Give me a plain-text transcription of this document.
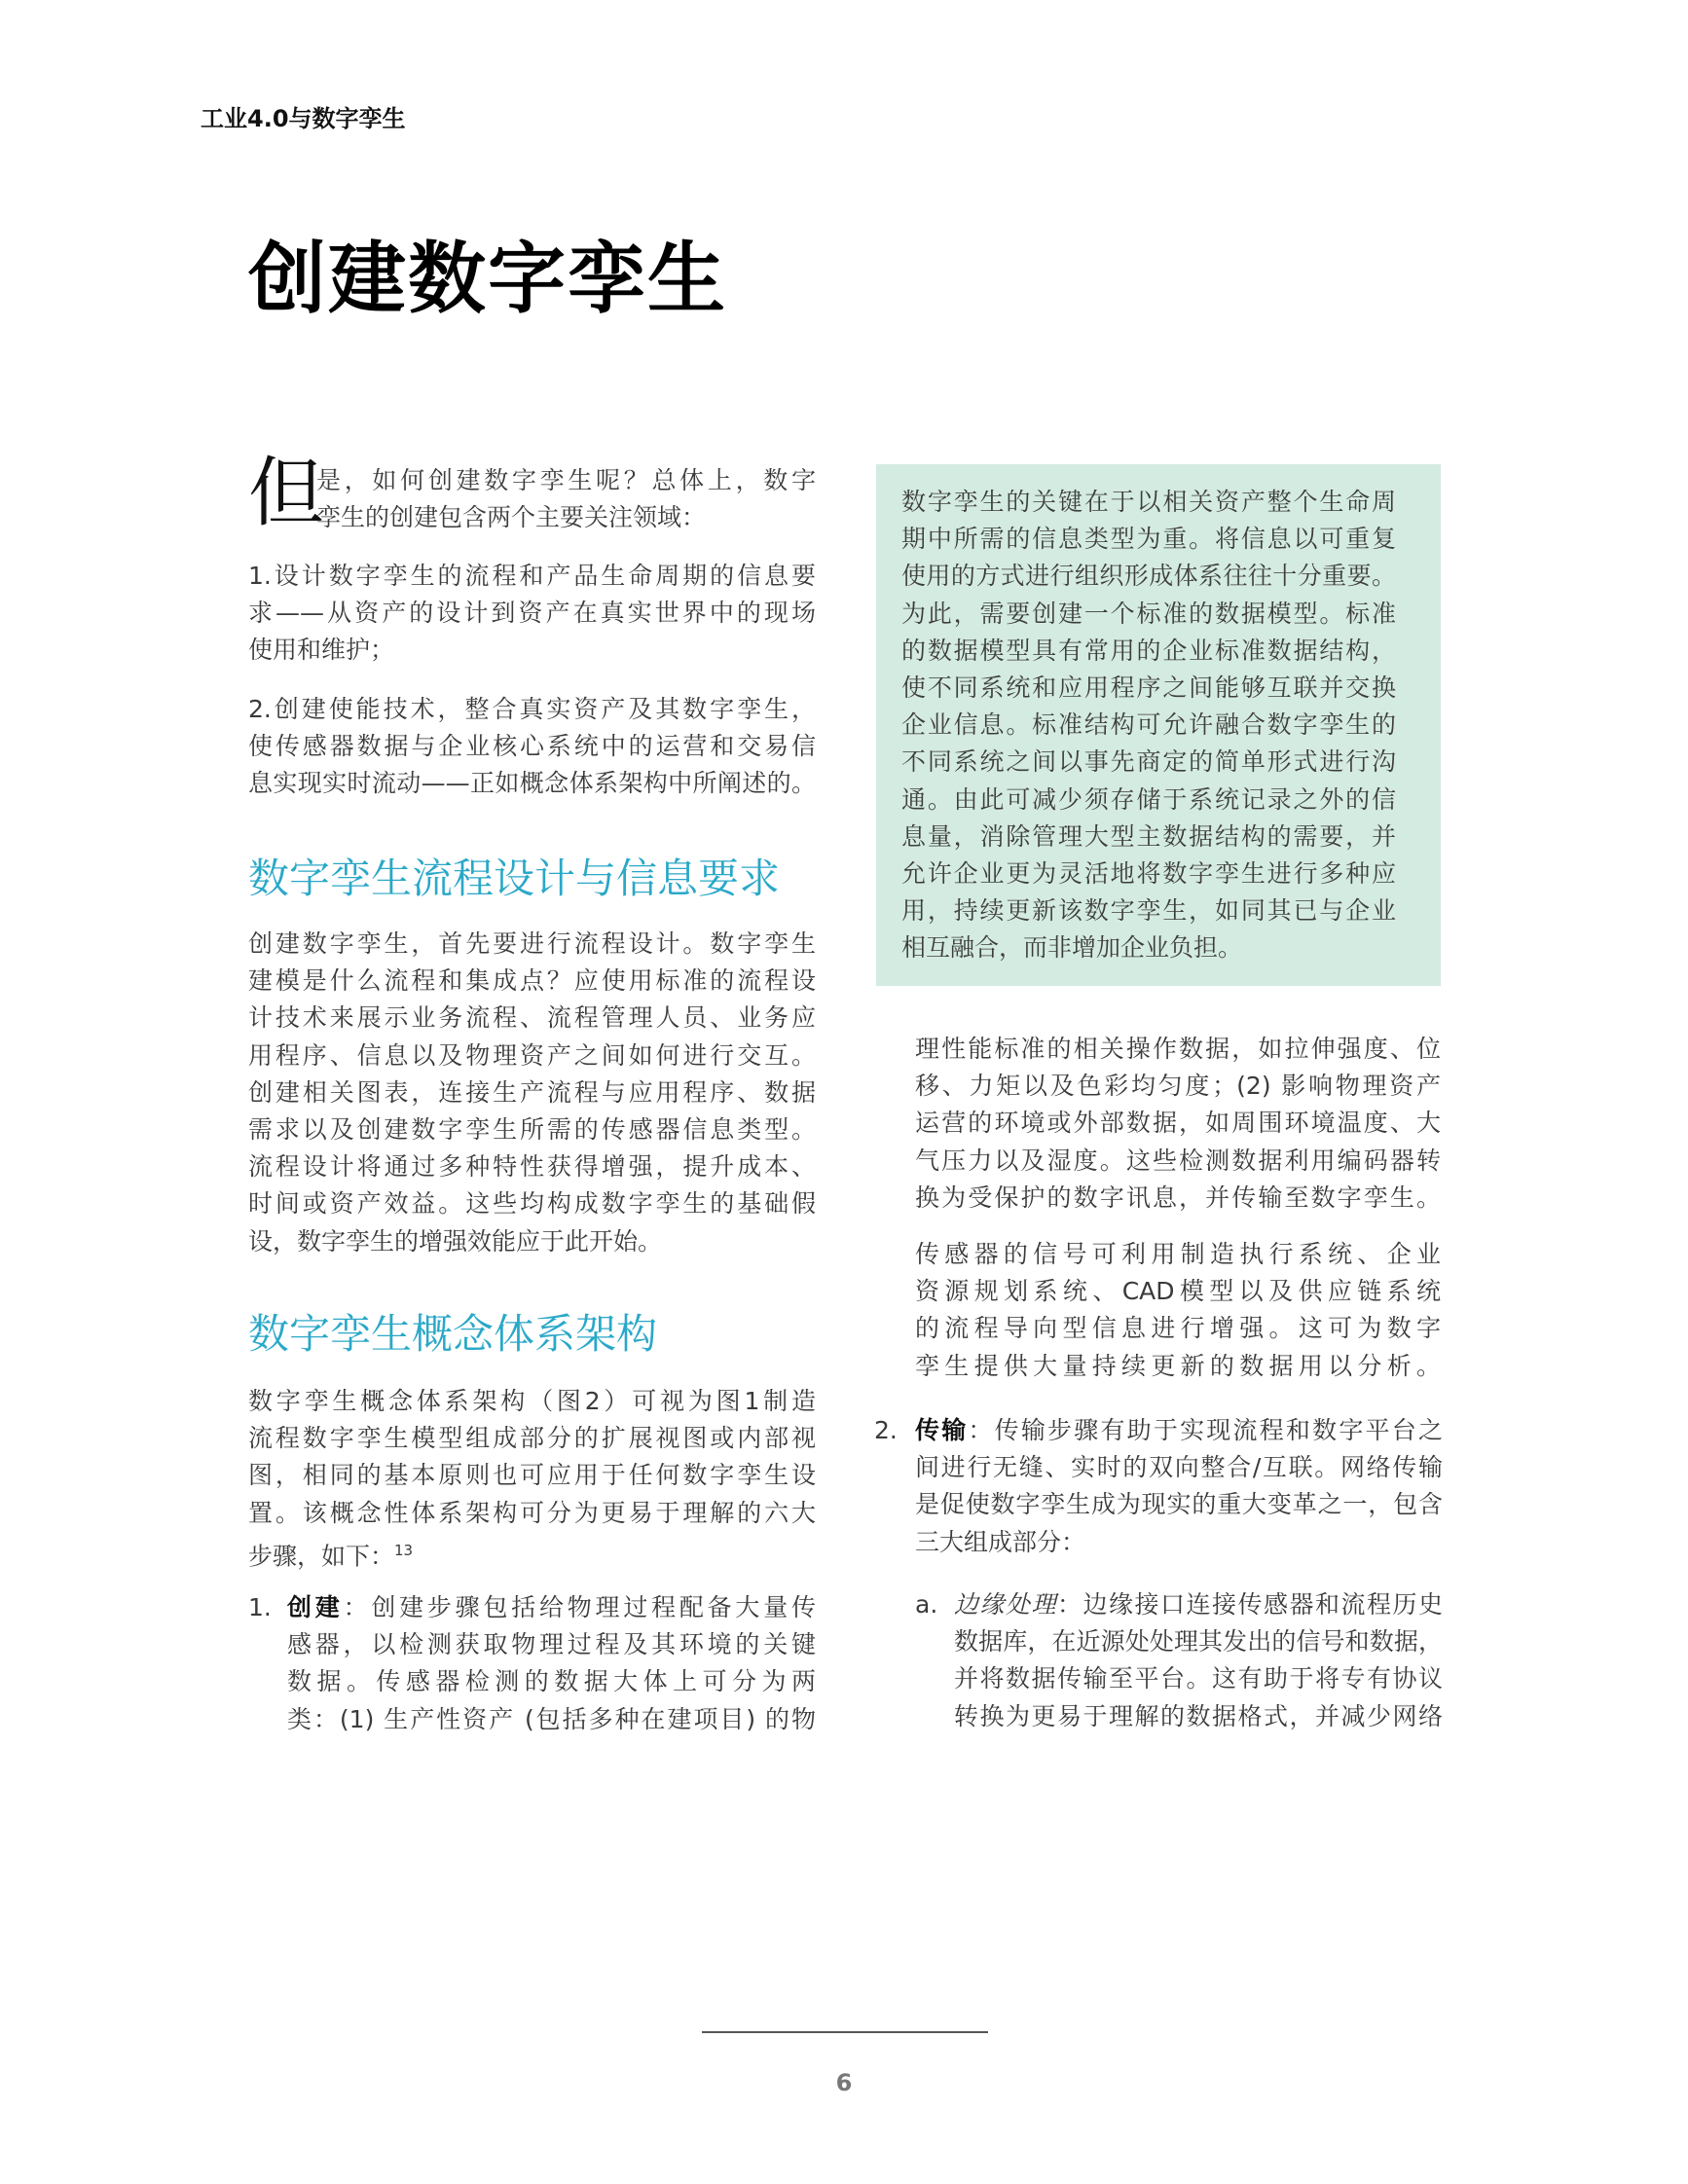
工业4.0与数字孪生
创建数字孪生
但
是，如何创建数字孪生呢？总体上，数字
孪生的创建包含两个主要关注领域：
1.设计数字孪生的流程和产品生命周期的信息要
求——从资产的设计到资产在真实世界中的现场
使用和维护；
2.创建使能技术，整合真实资产及其数字孪生，
使传感器数据与企业核心系统中的运营和交易信
息实现实时流动——正如概念体系架构中所阐述的。
数字孪生流程设计与信息要求
创建数字孪生，首先要进行流程设计。数字孪生
建模是什么流程和集成点？应使用标准的流程设
计技术来展示业务流程、流程管理人员、业务应
用程序、信息以及物理资产之间如何进行交互。
创建相关图表，连接生产流程与应用程序、数据
需求以及创建数字孪生所需的传感器信息类型。
流程设计将通过多种特性获得增强，提升成本、
时间或资产效益。这些均构成数字孪生的基础假
设，数字孪生的增强效能应于此开始。
数字孪生概念体系架构
数字孪生概念体系架构（图2）可视为图1制造
流程数字孪生模型组成部分的扩展视图或内部视
图，相同的基本原则也可应用于任何数字孪生设
置。该概念性体系架构可分为更易于理解的六大
步骤，如下：$^{13}$
1. 创建：创建步骤包括给物理过程配备大量传
感器，以检测获取物理过程及其环境的关键
数据。传感器检测的数据大体上可分为两
类：(1) 生产性资产 (包括多种在建项目) 的物
数字孪生的关键在于以相关资产整个生命周
期中所需的信息类型为重。将信息以可重复
使用的方式进行组织形成体系往往十分重要。
为此，需要创建一个标准的数据模型。标准
的数据模型具有常用的企业标准数据结构，
使不同系统和应用程序之间能够互联并交换
企业信息。标准结构可允许融合数字孪生的
不同系统之间以事先商定的简单形式进行沟
通。由此可减少须存储于系统记录之外的信
息量，消除管理大型主数据结构的需要，并
允许企业更为灵活地将数字孪生进行多种应
用，持续更新该数字孪生，如同其已与企业
相互融合，而非增加企业负担。
理性能标准的相关操作数据，如拉伸强度、位
移、力矩以及色彩均匀度；(2) 影响物理资产
运营的环境或外部数据，如周围环境温度、大
气压力以及湿度。这些检测数据利用编码器转
换为受保护的数字讯息，并传输至数字孪生。
传感器的信号可利用制造执行系统、企业
资源规划系统、CAD模型以及供应链系统
的流程导向型信息进行增强。这可为数字
孪生提供大量持续更新的数据用以分析。
2. 传输：传输步骤有助于实现流程和数字平台之
间进行无缝、实时的双向整合/互联。网络传输
是促使数字孪生成为现实的重大变革之一，包含
三大组成部分：
a. 边缘处理：边缘接口连接传感器和流程历史
数据库，在近源处处理其发出的信号和数据，
并将数据传输至平台。这有助于将专有协议
转换为更易于理解的数据格式，并减少网络
6
